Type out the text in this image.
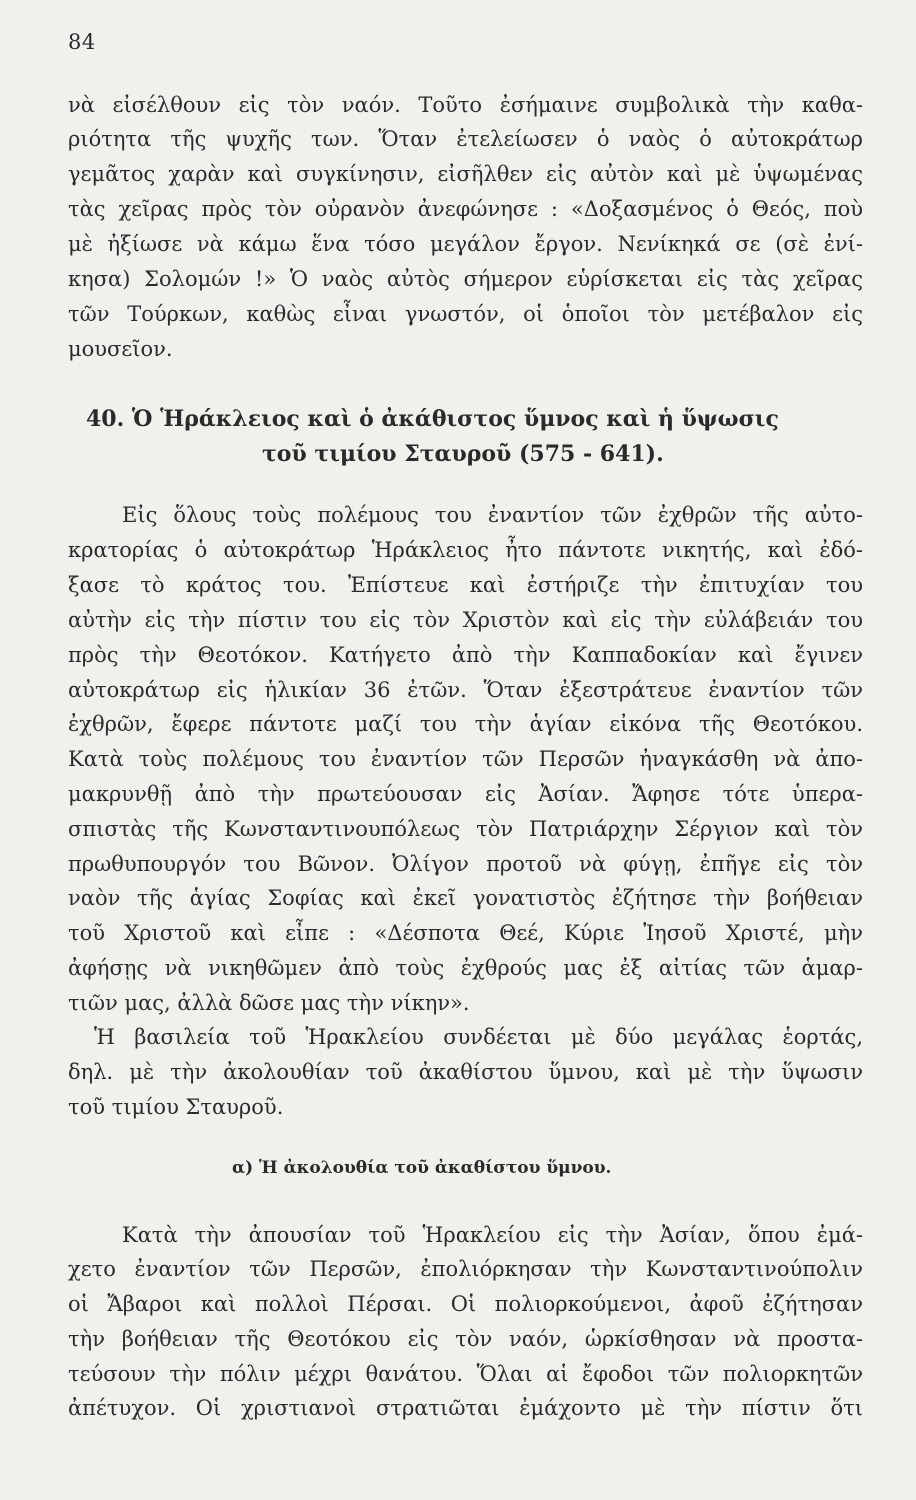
84
νὰ εἰσέλθουν εἰς τὸν ναόν. Τοῦτο ἐσήμαινε συμβολικὰ τὴν καθα-
ριότητα τῆς ψυχῆς των. Ὅταν ἐτελείωσεν ὁ ναὸς ὁ αὐτοκράτωρ
γεμᾶτος χαρὰν καὶ συγκίνησιν, εἰσῆλθεν εἰς αὐτὸν καὶ μὲ ὑψωμένας
τὰς χεῖρας πρὸς τὸν οὐρανὸν ἀνεφώνησε : «Δοξασμένος ὁ Θεός, ποὺ
μὲ ἠξίωσε νὰ κάμω ἕνα τόσο μεγάλον ἔργον. Νενίκηκά σε (σὲ ἐνί-
κησα) Σολομών !» Ὁ ναὸς αὐτὸς σήμερον εὑρίσκεται εἰς τὰς χεῖρας
τῶν Τούρκων, καθὼς εἶναι γνωστόν, οἱ ὁποῖοι τὸν μετέβαλον εἰς
μουσεῖον.
40. Ὁ Ἡράκλειος καὶ ὁ ἀκάθιστος ὕμνος καὶ ἡ ὕψωσις
τοῦ τιμίου Σταυροῦ (575 - 641).
Εἰς ὅλους τοὺς πολέμους του ἐναντίον τῶν ἐχθρῶν τῆς αὐτο-
κρατορίας ὁ αὐτοκράτωρ Ἡράκλειος ἦτο πάντοτε νικητής, καὶ ἐδό-
ξασε τὸ κράτος του. Ἐπίστευε καὶ ἐστήριζε τὴν ἐπιτυχίαν του
αὐτὴν εἰς τὴν πίστιν του εἰς τὸν Χριστὸν καὶ εἰς τὴν εὐλάβειάν του
πρὸς τὴν Θεοτόκον. Κατήγετο ἀπὸ τὴν Καππαδοκίαν καὶ ἔγινεν
αὐτοκράτωρ εἰς ἡλικίαν 36 ἐτῶν. Ὅταν ἐξεστράτευε ἐναντίον τῶν
ἐχθρῶν, ἔφερε πάντοτε μαζί του τὴν ἁγίαν εἰκόνα τῆς Θεοτόκου.
Κατὰ τοὺς πολέμους του ἐναντίον τῶν Περσῶν ἠναγκάσθη νὰ ἀπο-
μακρυνθῇ ἀπὸ τὴν πρωτεύουσαν εἰς Ἀσίαν. Ἄφησε τότε ὑπερα-
σπιστὰς τῆς Κωνσταντινουπόλεως τὸν Πατριάρχην Σέργιον καὶ τὸν
πρωθυπουργόν του Βῶνον. Ὀλίγον προτοῦ νὰ φύγῃ, ἐπῆγε εἰς τὸν
ναὸν τῆς ἁγίας Σοφίας καὶ ἐκεῖ γονατιστὸς ἐζήτησε τὴν βοήθειαν
τοῦ Χριστοῦ καὶ εἶπε : «Δέσποτα Θεέ, Κύριε Ἰησοῦ Χριστέ, μὴν
ἀφήσῃς νὰ νικηθῶμεν ἀπὸ τοὺς ἐχθρούς μας ἐξ αἰτίας τῶν ἁμαρ-
τιῶν μας, ἀλλὰ δῶσε μας τὴν νίκην».
Ἡ βασιλεία τοῦ Ἡρακλείου συνδέεται μὲ δύο μεγάλας ἑορτάς,
δηλ. μὲ τὴν ἀκολουθίαν τοῦ ἀκαθίστου ὕμνου, καὶ μὲ τὴν ὕψωσιν
τοῦ τιμίου Σταυροῦ.
α) Ἡ ἀκολουθία τοῦ ἀκαθίστου ὕμνου.
Κατὰ τὴν ἀπουσίαν τοῦ Ἡρακλείου εἰς τὴν Ἀσίαν, ὅπου ἐμά-
χετο ἐναντίον τῶν Περσῶν, ἐπολιόρκησαν τὴν Κωνσταντινούπολιν
οἱ Ἄβαροι καὶ πολλοὶ Πέρσαι. Οἱ πολιορκούμενοι, ἀφοῦ ἐζήτησαν
τὴν βοήθειαν τῆς Θεοτόκου εἰς τὸν ναόν, ὡρκίσθησαν νὰ προστα-
τεύσουν τὴν πόλιν μέχρι θανάτου. Ὅλαι αἱ ἔφοδοι τῶν πολιορκητῶν
ἀπέτυχον. Οἱ χριστιανοὶ στρατιῶται ἐμάχοντο μὲ τὴν πίστιν ὅτι
